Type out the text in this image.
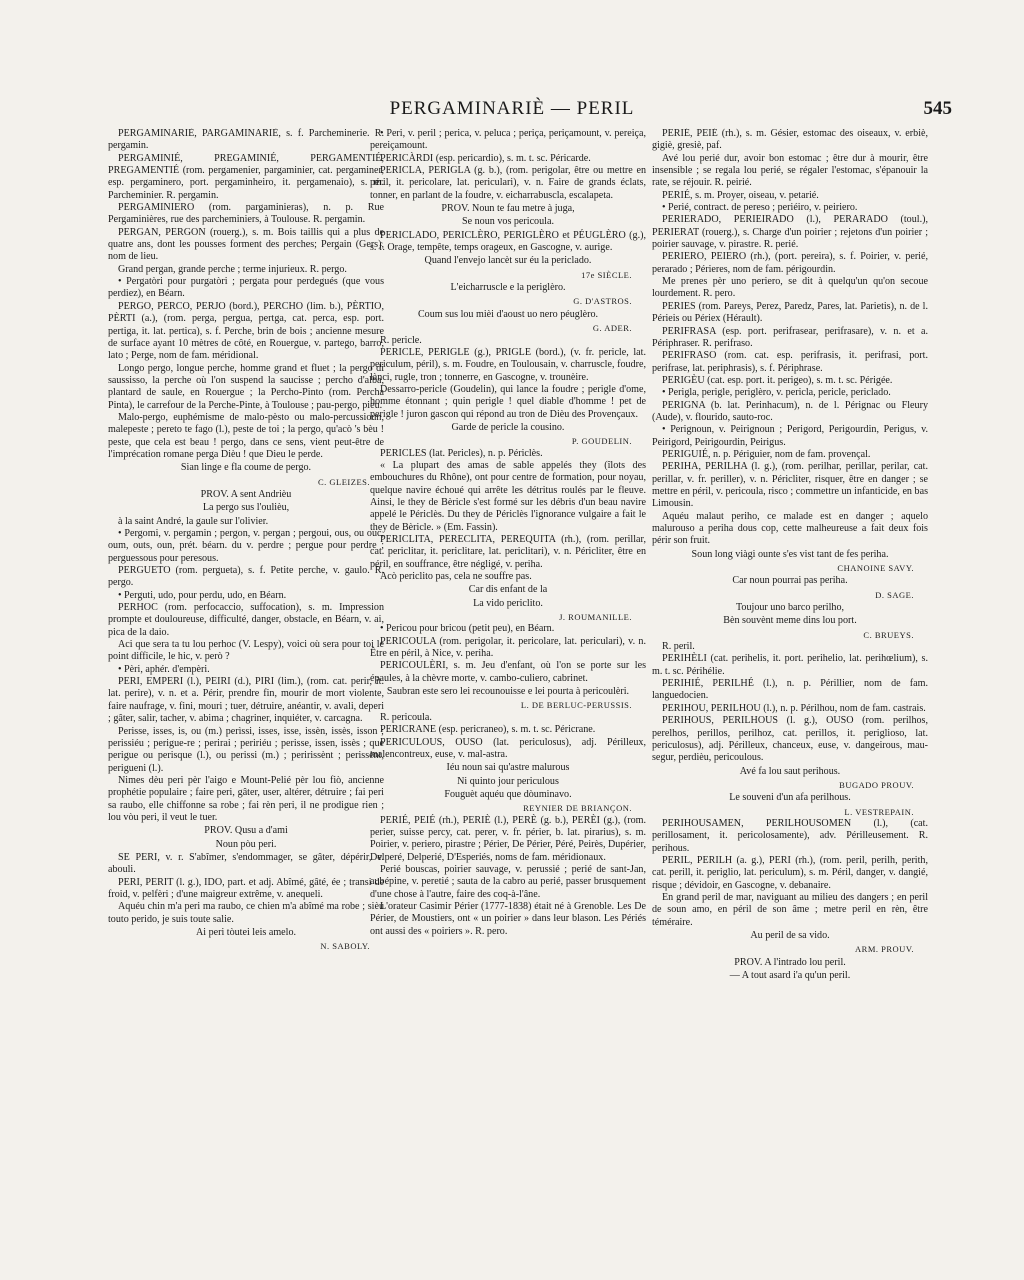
PERGAMINARIÈ — PERIL	545

PERGAMINARIÈ, PARGAMINARIÈ, s. f. Parcheminerie. R. pergamin.

PERGAMINIÉ, PREGAMINIÉ, PERGAMENTIÉ, PREGAMENTIÉ (rom. pergamenier, pargaminier, cat. pergaminer, esp. pergaminero, port. pergaminheiro, it. pergamenaio), s. m. Parcheminier. R. pergamin.

PERGAMINIERO (rom. pargaminieras), n. p. Rue Pergaminières, rue des parcheminiers, à Toulouse. R. pergamin.

PERGAN, PERGON (rouerg.), s. m. Bois taillis qui a plus de quatre ans, dont les pousses forment des perches; Pergain (Gers), nom de lieu.

Grand pergan, grande perche ; terme injurieux. R. pergo.

• Pergatòri pour purgatòri ; pergata pour perdegués (que vous perdiez), en Béarn.

PERGO, PERCO, PERJO (bord.), PERCHO (lim. b.), PÈRTIO, PÈRTI (a.), (rom. perga, pergua, pertga, cat. perca, esp. port. pertiga, it. lat. pertica), s. f. Perche, brin de bois ; ancienne mesure de surface ayant 10 mètres de côté, en Rouergue, v. partego, barro, lato ; Perge, nom de fam. méridional.

Longo pergo, longue perche, homme grand et fluet ; la pergo di saussisso, la perche où l'on suspend la saucisse ; percho d'alba, plantard de saule, en Rouergue ; la Percho-Pinto (rom. Percha Pinta), le carrefour de la Perche-Pinte, à Toulouse ; pau-pergo, pieu.

Malo-pergo, euphémisme de malo-pèsto ou malo-percussioun, malepeste ; pereto te fago (l.), peste de toi ; la pergo, qu'acò 's bèu ! peste, que cela est beau ! pergo, dans ce sens, vient peut-être de l'imprécation romane perga Dièu ! que Dieu le perde.

Sian linge e fla coume de pergo.

C. GLEIZES.

PROV. A sent Andrièu

La pergo sus l'oulièu,

à la saint André, la gaule sur l'olivier.

• Pergomi, v. pergamin ; pergon, v. pergan ; pergoui, ous, ou ouc, oum, outs, oun, prét. béarn. du v. perdre ; pergue pour perdre ; perguessous pour peresous.

PERGUETO (rom. pergueta), s. f. Petite perche, v. gaulo. R. pergo.

• Perguti, udo, pour perdu, udo, en Béarn.

PERHOC (rom. perfocaccio, suffocation), s. m. Impression prompte et douloureuse, difficulté, danger, obstacle, en Béarn, v. ai, pica de la daio.

Aci que sera ta tu lou perhoc (V. Lespy), voici où sera pour toi le point difficile, le hic, v. però ?

• Pèri, aphér. d'empèri.

PERI, EMPERI (l.), PEIRI (d.), PIRI (lim.), (rom. cat. perir, it. lat. perire), v. n. et a. Périr, prendre fin, mourir de mort violente, faire naufrage, v. fini, mouri ; tuer, détruire, anéantir, v. avali, deperi ; gâter, salir, tacher, v. abima ; chagriner, inquiéter, v. carcagna.

Perisse, isses, is, ou (m.) perìssi, isses, isse, issèn, issès, isson ; perissiéu ; perigue-re ; perirai ; peririéu ; perisse, issen, issès ; que perigue ou perisque (l.), ou perissi (m.) ; peririssènt ; perissènt, perigueni (l.).

Nimes dèu peri pèr l'aigo e Mount-Pelié pèr lou fiò, ancienne prophétie populaire ; faire peri, gâter, user, altérer, détruire ; fai peri sa raubo, elle chiffonne sa robe ; fai rèn peri, il ne prodigue rien ; lou vòu peri, il veut le tuer.

PROV. Qusu a d'ami

Noun pòu peri.

SE PERI, v. r. S'abîmer, s'endommager, se gâter, dépérir, v. abouli.

PERI, PERIT (l. g.), IDO, part. et adj. Abîmé, gâté, ée ; transi de froid, v. pelfèri ; d'une maigreur extrême, v. anequeli.

Aquéu chin m'a peri ma raubo, ce chien m'a abîmé ma robe ; sièu touto perido, je suis toute salie.

Ai peri tòutei leis amelo.

N. SABOLY.

• Peri, v. peril ; perica, v. peluca ; periça, periçamount, v. pereiça, pereiçamount.

PERICÀRDI (esp. pericardio), s. m. t. sc. Péricarde.

PERICLA, PERIGLA (g. b.), (rom. perigolar, être ou mettre en péril, it. pericolare, lat. periculari), v. n. Faire de grands éclats, tonner, en parlant de la foudre, v. eicharrabuscla, escalapeta.

PROV. Noun te fau metre à juga,

Se noun vos pericoula.

PERICLADO, PERICLÈRO, PERIGLÈRO et PÉUGLÈRO (g.), s. f. Orage, tempête, temps orageux, en Gascogne, v. aurige.

Quand l'envejo lancèt sur éu la periclado.

17e SIÈCLE.

L'eicharruscle e la periglèro.

G. D'ASTROS.

Coum sus lou mièi d'aoust uo nero péuglèro.

G. ADER.

R. pericle.

PERICLE, PERIGLE (g.), PRIGLE (bord.), (v. fr. pericle, lat. periculum, péril), s. m. Foudre, en Toulousain, v. charruscle, foudre, lànci, rugle, tron ; tonnerre, en Gascogne, v. trounèire.

Dessarro-pericle (Goudelin), qui lance la foudre ; perigle d'ome, homme étonnant ; quin perigle ! quel diable d'homme ! pet de perigle ! juron gascon qui répond au tron de Dièu des Provençaux.

Garde de pericle la cousino.

P. GOUDELIN.

PERICLES (lat. Pericles), n. p. Périclès.

« La plupart des amas de sable appelés they (îlots des embouchures du Rhône), ont pour centre de formation, pour noyau, quelque navire échoué qui arrête les détritus roulés par le fleuve. Ainsi, le they de Bèricle s'est formé sur les débris d'un beau navire appelé le Périclès. Du they de Périclès l'ignorance vulgaire a fait le they de Bèricle. » (Em. Fassin).

PERICLITA, PERECLITA, PEREQUITA (rh.), (rom. perillar, cat. periclitar, it. periclitare, lat. periclitari), v. n. Péricliter, être en péril, en souffrance, être négligé, v. periha.

Acò periclito pas, cela ne souffre pas.

Car dis enfant de la

La vido periclito.

J. ROUMANILLE.

• Pericou pour bricou (petit peu), en Béarn.

PERICOULA (rom. perigolar, it. pericolare, lat. periculari), v. n. Être en péril, à Nice, v. periha.

PERICOULÈRI, s. m. Jeu d'enfant, où l'on se porte sur les épaules, à la chèvre morte, v. cambo-culiero, cabrinet.

Saubran este sero lei recounouisse e lei pourta à pericoulèri.

L. DE BERLUC-PERUSSIS.

R. pericoula.

PERICRANE (esp. pericraneo), s. m. t. sc. Péricrane.

PERICULOUS, OUSO (lat. periculosus), adj. Périlleux, malencontreux, euse, v. mal-astra.

Iéu noun sai qu'astre malurous

Ni quinto jour periculous

Fouguèt aquéu que dòuminavo.

REYNIER DE BRIANÇON.

PERIÉ, PEIÉ (rh.), PERIÈ (l.), PERÈ (g. b.), PERÈI (g.), (rom. perier, suisse percy, cat. perer, v. fr. périer, b. lat. pirarius), s. m. Poirier, v. periero, pirastre ; Périer, De Périer, Péré, Peirès, Dupérier, Delperé, Delperié, D'Esperiés, noms de fam. méridionaux.

Perié bouscas, poirier sauvage, v. perussié ; perié de sant-Jan, aubépine, v. peretié ; sauta de la cabro au perié, passer brusquement d'une chose à l'autre, faire des coq-à-l'âne.

L'orateur Casimir Périer (1777-1838) était né à Grenoble. Les De Périer, de Moustiers, ont « un poirier » dans leur blason. Les Périés ont aussi des « poiriers ». R. pero.

PERIÉ, PEIÉ (rh.), s. m. Gésier, estomac des oiseaux, v. erbiè, gigiè, gresiè, paf.

Avé lou perié dur, avoir bon estomac ; être dur à mourir, être insensible ; se regala lou perié, se régaler l'estomac, s'épanouir la rate, se réjouir. R. peirié.

PERIÉ, s. m. Proyer, oiseau, v. petarié.

• Perié, contract. de pereso ; periéiro, v. peiriero.

PERIERADO, PERIEIRADO (l.), PERARADO (toul.), PERIERAT (rouerg.), s. Charge d'un poirier ; rejetons d'un poirier ; poirier sauvage, v. pirastre. R. perié.

PERIERO, PEIERO (rh.), (port. pereira), s. f. Poirier, v. perié, perarado ; Périeres, nom de fam. périgourdin.

Me prenes pèr uno periero, se dit à quelqu'un qu'on secoue lourdement. R. pero.

PERIES (rom. Pareys, Perez, Paredz, Pares, lat. Parietis), n. de l. Périeis ou Périex (Hérault).

PERIFRASA (esp. port. perifrasear, perifrasare), v. n. et a. Périphraser. R. perifraso.

PERIFRASO (rom. cat. esp. perifrasis, it. perifrasi, port. perifrase, lat. periphrasis), s. f. Périphrase.

PERIGÈU (cat. esp. port. it. perigeo), s. m. t. sc. Périgée.

• Perigla, perigle, periglèro, v. pericla, pericle, periclado.

PERIGNA (b. lat. Perinhacum), n. de l. Pérignac ou Fleury (Aude), v. flourido, sauto-roc.

• Perignoun, v. Peirignoun ; Perigord, Perigourdin, Perigus, v. Peirigord, Peirigourdin, Peirigus.

PERIGUIÉ, n. p. Périguier, nom de fam. provençal.

PERIHA, PERILHA (l. g.), (rom. perilhar, perillar, perilar, cat. perillar, v. fr. periller), v. n. Péricliter, risquer, être en danger ; se mettre en péril, v. pericoula, risco ; commettre un infanticide, en bas Limousin.

Aquéu malaut periho, ce malade est en danger ; aquelo malurouso a periha dous cop, cette malheureuse a fait deux fois périr son fruit.

Soun long viàgi ounte s'es vist tant de fes periha.

CHANOINE SAVY.

Car noun pourrai pas periha.

D. SAGE.

Toujour uno barco perilho,

Bèn souvènt meme dins lou port.

C. BRUEYS.

R. peril.

PERIHÈLI (cat. perihelis, it. port. perihelio, lat. perihœlium), s. m. t. sc. Périhélie.

PERIHIÉ, PERILHÉ (l.), n. p. Périllier, nom de fam. languedocien.

PERIHOU, PERILHOU (l.), n. p. Périlhou, nom de fam. castrais.

PERIHOUS, PERILHOUS (l. g.), OUSO (rom. perilhos, perelhos, perillos, perilhoz, cat. perillos, it. periglioso, lat. periculosus), adj. Périlleux, chanceux, euse, v. dangeirous, mau-segur, perdièu, pericoulous.

Avé fa lou saut perihous.

BUGADO PROUV.

Le souveni d'un afa perilhous.

L. VESTREPAIN.

PERIHOUSAMEN, PERILHOUSOMEN (l.), (cat. perillosament, it. pericolosamente), adv. Périlleusement. R. perihous.

PERIL, PERILH (a. g.), PERI (rh.), (rom. peril, perilh, perith, cat. perill, it. periglio, lat. periculum), s. m. Péril, danger, v. dangié, risque ; dévidoir, en Gascogne, v. debanaire.

En grand peril de mar, naviguant au milieu des dangers ; en peril de soun amo, en péril de son âme ; metre peril en rèn, être téméraire.

Au peril de sa vido.

ARM. PROUV.

PROV. A l'intrado lou peril.

— A tout asard i'a qu'un peril.
